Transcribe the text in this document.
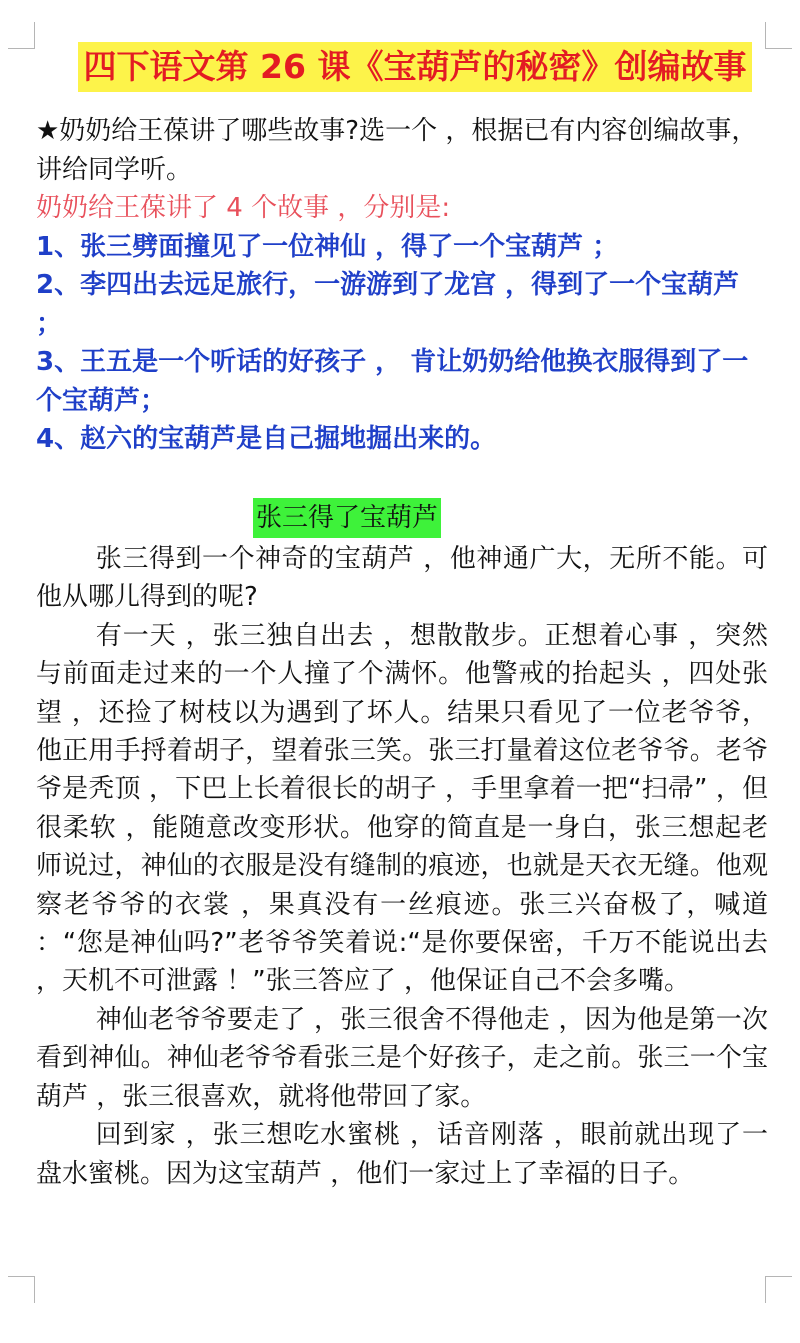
四下语文第 26 课《宝葫芦的秘密》创编故事

★奶奶给王葆讲了哪些故事?选一个 ，根据已有内容创编故事，讲给同学听。

奶奶给王葆讲了 4 个故事 ，分别是:

1、张三劈面撞见了一位神仙 ，得了一个宝葫芦 ；

2、李四出去远足旅行，一游游到了龙宫 ，得到了一个宝葫芦 ；

3、王五是一个听话的好孩子 ， 肯让奶奶给他换衣服得到了一个宝葫芦；

4、赵六的宝葫芦是自己掘地掘出来的。

张三得了宝葫芦

张三得到一个神奇的宝葫芦 ，他神通广大，无所不能。可他从哪儿得到的呢?

有一天 ，张三独自出去 ，想散散步。正想着心事 ，突然与前面走过来的一个人撞了个满怀。他警戒的抬起头 ，四处张望 ，还捡了树枝以为遇到了坏人。结果只看见了一位老爷爷，他正用手捋着胡子，望着张三笑。张三打量着这位老爷爷。老爷爷是秃顶 ，下巴上长着很长的胡子 ，手里拿着一把“扫帚” ，但很柔软 ，能随意改变形状。他穿的简直是一身白，张三想起老师说过，神仙的衣服是没有缝制的痕迹，也就是天衣无缝。他观察老爷爷的衣裳 ，果真没有一丝痕迹。张三兴奋极了，喊道 ：“您是神仙吗?”老爷爷笑着说:“是你要保密，千万不能说出去 ，天机不可泄露 ！”张三答应了 ，他保证自己不会多嘴。

神仙老爷爷要走了 ，张三很舍不得他走 ，因为他是第一次看到神仙。神仙老爷爷看张三是个好孩子，走之前。张三一个宝葫芦 ，张三很喜欢，就将他带回了家。

回到家 ，张三想吃水蜜桃 ，话音刚落 ，眼前就出现了一盘水蜜桃。因为这宝葫芦 ，他们一家过上了幸福的日子。
